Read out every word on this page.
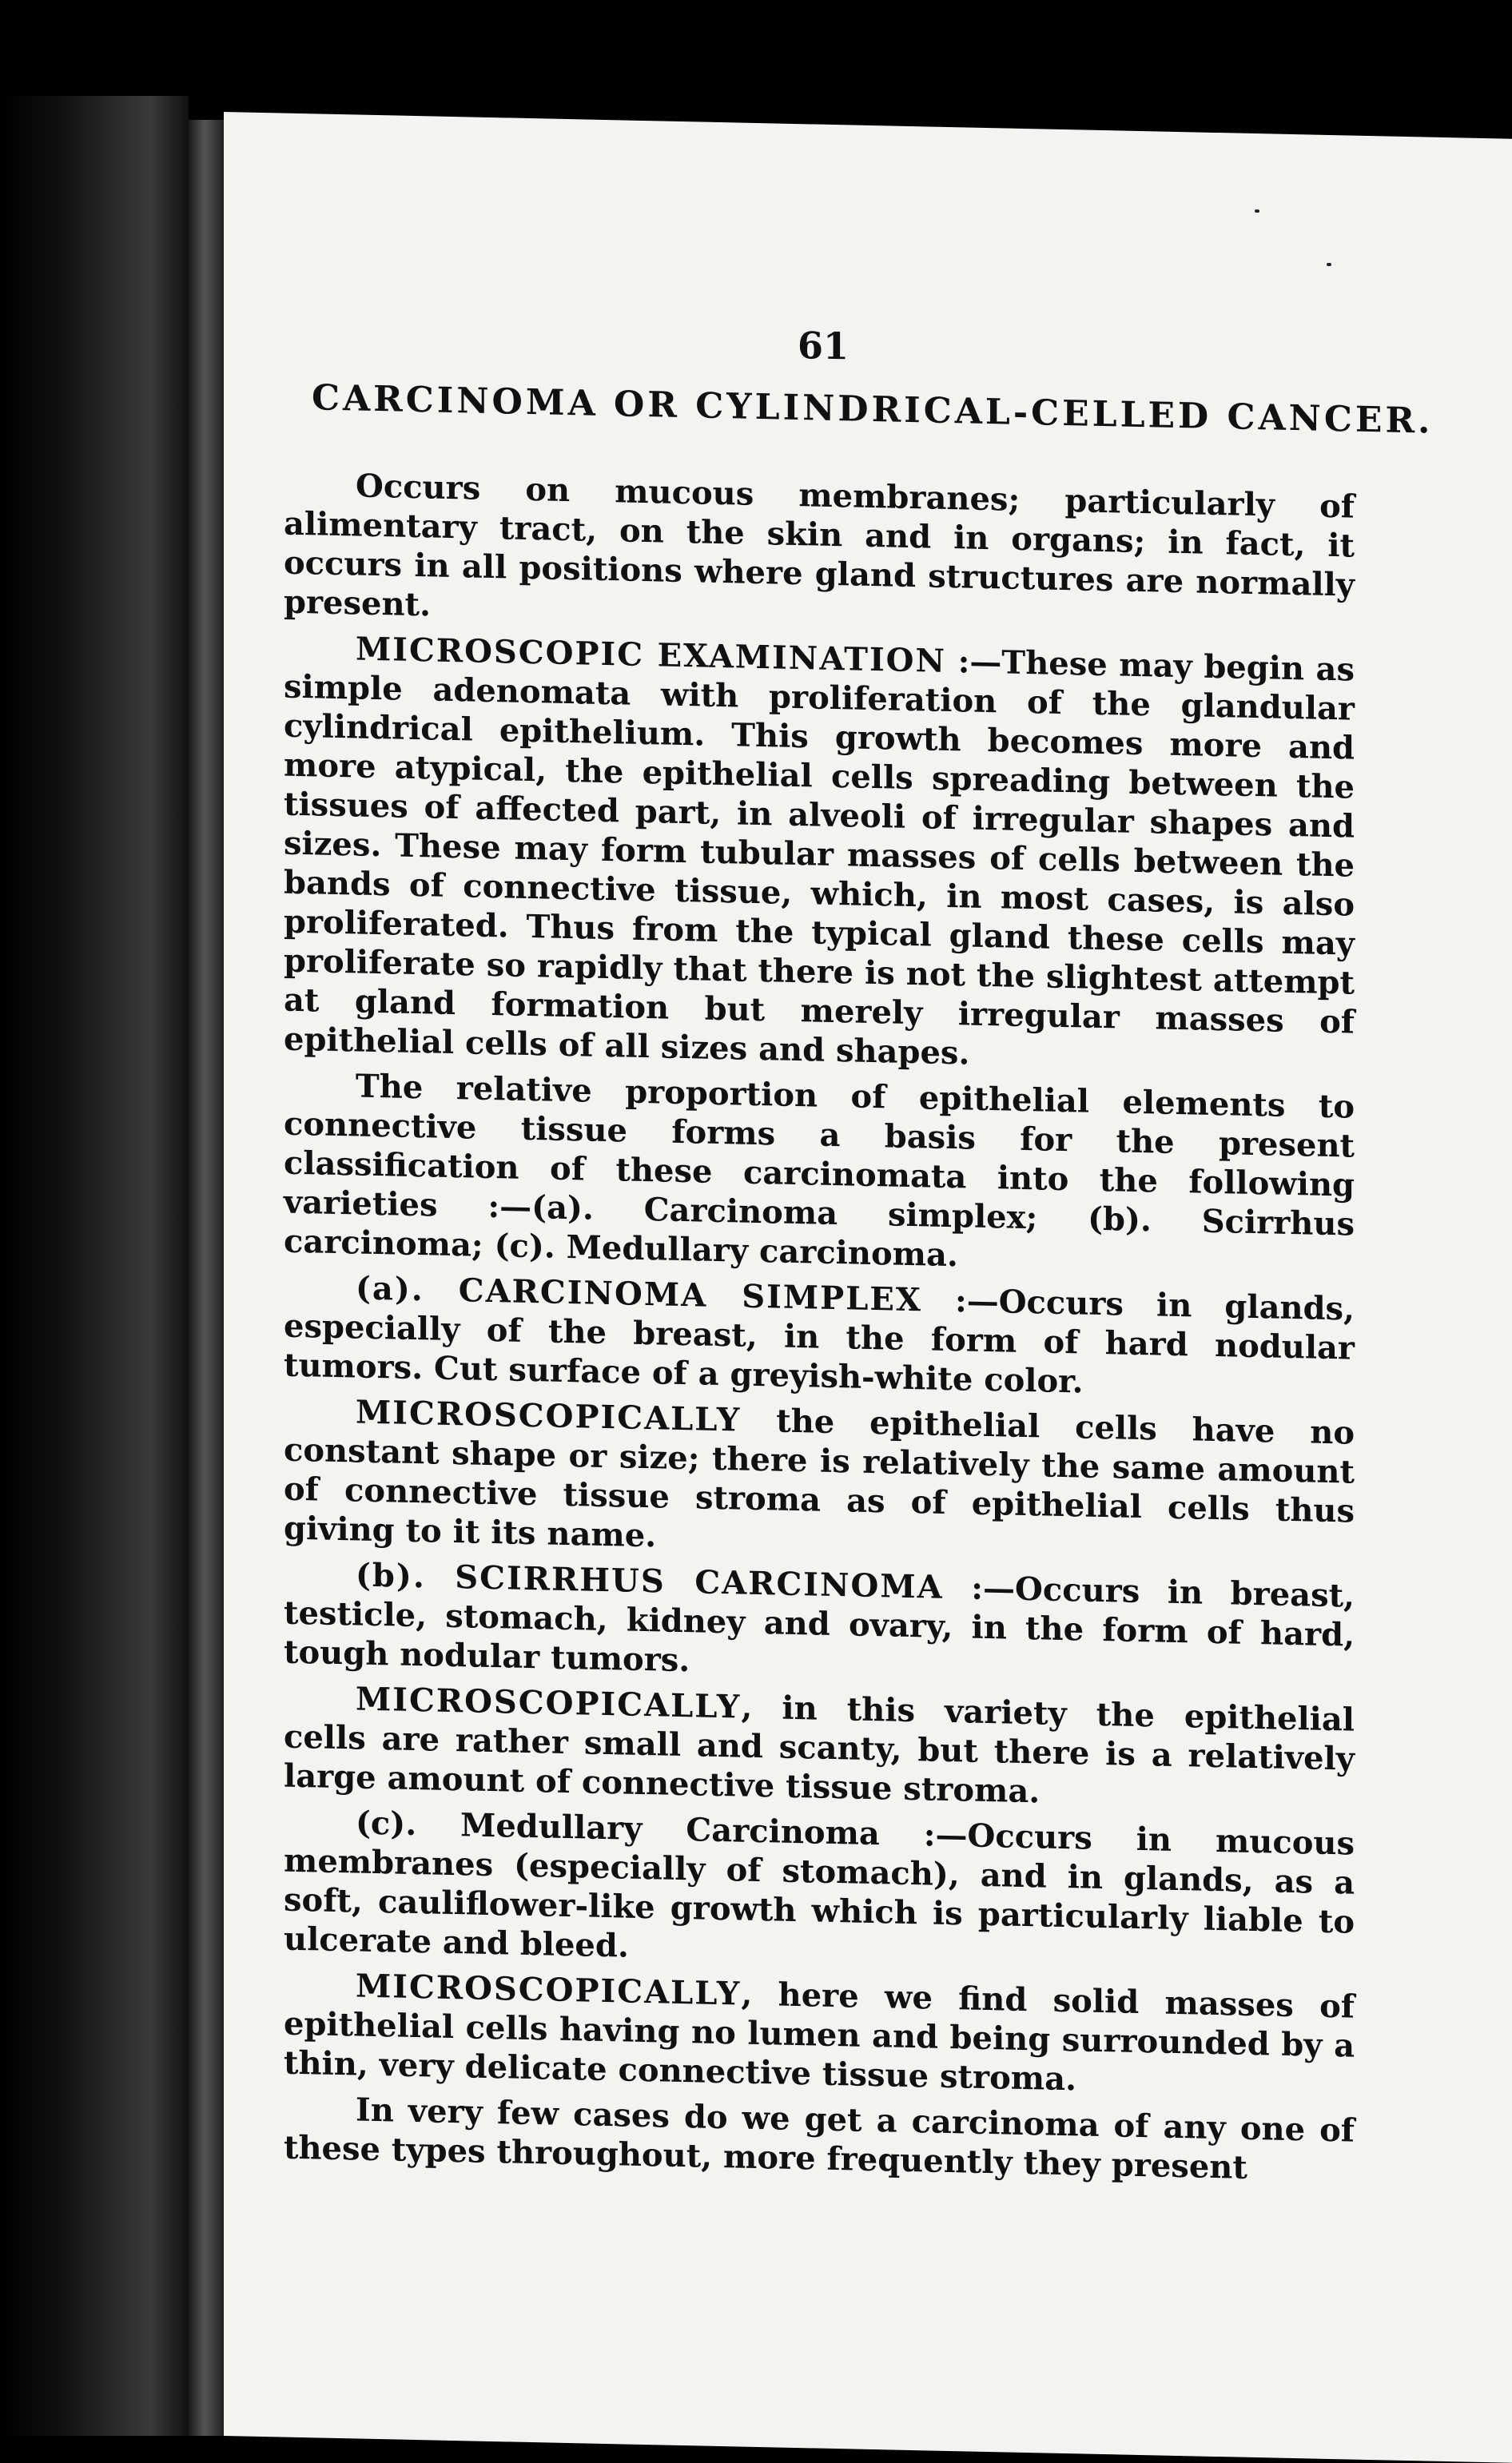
61
CARCINOMA OR CYLINDRICAL-CELLED CANCER.

Occurs on mucous membranes; particularly of alimentary tract, on the skin and in organs; in fact, it occurs in all positions where gland structures are normally present.

MICROSCOPIC EXAMINATION :—These may begin as simple adenomata with proliferation of the glandular cylindrical epithelium. This growth becomes more and more atypical, the epithelial cells spreading between the tissues of affected part, in alveoli of irregular shapes and sizes. These may form tubular masses of cells between the bands of connective tissue, which, in most cases, is also proliferated. Thus from the typical gland these cells may proliferate so rapidly that there is not the slightest attempt at gland formation but merely irregular masses of epithelial cells of all sizes and shapes.

The relative proportion of epithelial elements to connective tissue forms a basis for the present classification of these carcinomata into the following varieties :—(a). Carcinoma simplex; (b). Scirrhus carcinoma; (c). Medullary carcinoma.

(a). CARCINOMA SIMPLEX :—Occurs in glands, especially of the breast, in the form of hard nodular tumors. Cut surface of a greyish-white color.

MICROSCOPICALLY the epithelial cells have no constant shape or size; there is relatively the same amount of connective tissue stroma as of epithelial cells thus giving to it its name.

(b). SCIRRHUS CARCINOMA :—Occurs in breast, testicle, stomach, kidney and ovary, in the form of hard, tough nodular tumors.

MICROSCOPICALLY, in this variety the epithelial cells are rather small and scanty, but there is a relatively large amount of connective tissue stroma.

(c). Medullary Carcinoma :—Occurs in mucous membranes (especially of stomach), and in glands, as a soft, cauliflower-like growth which is particularly liable to ulcerate and bleed.

MICROSCOPICALLY, here we find solid masses of epithelial cells having no lumen and being surrounded by a thin, very delicate connective tissue stroma.

In very few cases do we get a carcinoma of any one of these types throughout, more frequently they present
